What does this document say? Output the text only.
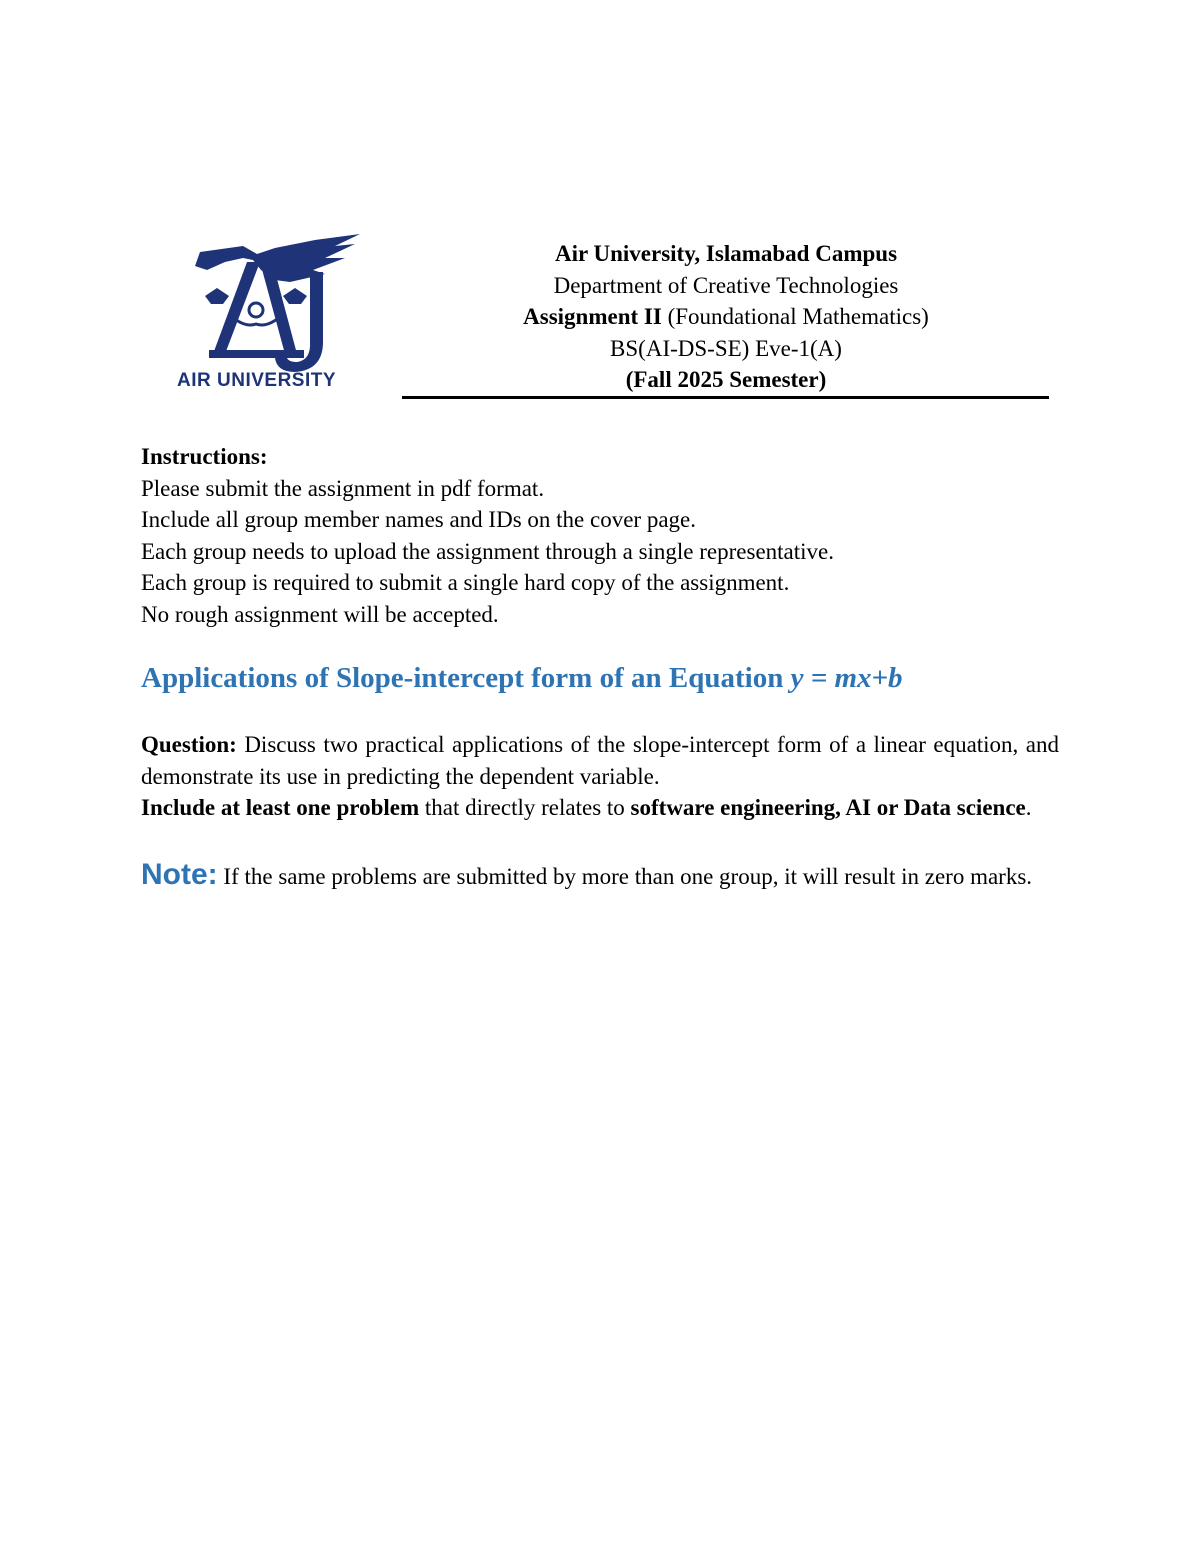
AIR UNIVERSITY
Air University, Islamabad Campus
Department of Creative Technologies
Assignment II (Foundational Mathematics)
BS(AI-DS-SE) Eve-1(A)
(Fall 2025 Semester)
Instructions:
Please submit the assignment in pdf format.
Include all group member names and IDs on the cover page.
Each group needs to upload the assignment through a single representative.
Each group is required to submit a single hard copy of the assignment.
No rough assignment will be accepted.
Applications of Slope-intercept form of an Equation y = mx+b
Question: Discuss two practical applications of the slope-intercept form of a linear equation, and demonstrate its use in predicting the dependent variable.
Include at least one problem that directly relates to software engineering, AI or Data science.
Note: If the same problems are submitted by more than one group, it will result in zero marks.
